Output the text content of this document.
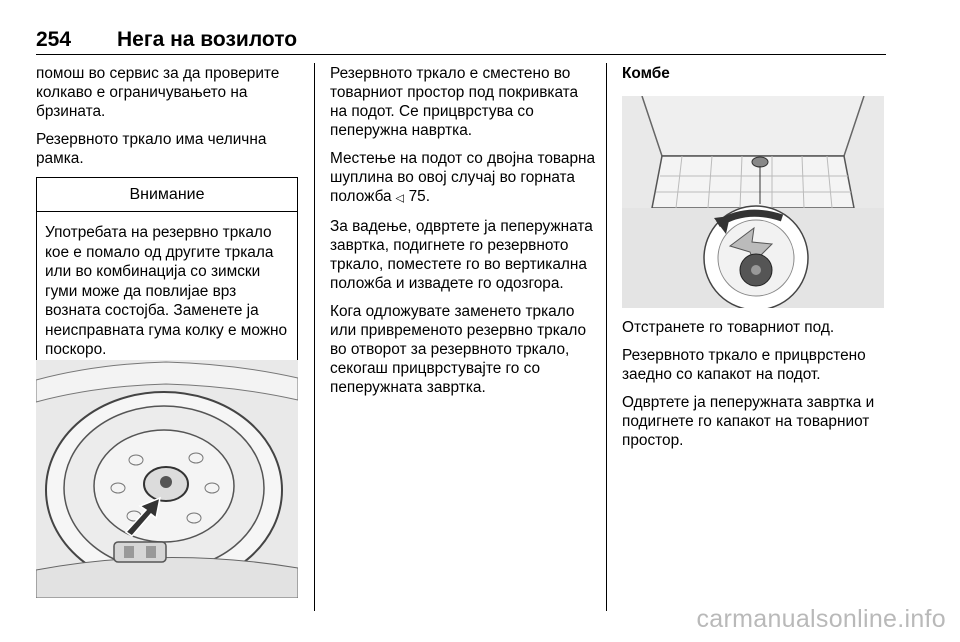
254 Нега на возилото

помош во сервис за да проверите колкаво е ограничувањето на брзината.

Резервното тркало има челична рамка.

Внимание
Употребата на резервно тркало кое е помало од другите тркала или во комбинација со зимски гуми може да повлијае врз возната состојба. Заменете ја неисправната гума колку е можно поскоро.

Резервното тркало е сместено во товарниот простор под покривката на подот. Се прицврстува со пеперужна навртка.

Местење на подот со двојна товарна шуплина во овој случај во горната положба △ 75.

За вадење, одвртете ја пеперужната завртка, подигнете го резервното тркало, поместете го во вертикална положба и извадете го одозгора.

Кога одложувате заменето тркало или привременото резервно тркало во отворот за резервното тркало, секогаш прицврстувајте го со пеперужната завртка.

Комбе

Отстранете го товарниот под.

Резервното тркало е прицврстено заедно со капакот на подот.

Одвртете ја пеперужната завртка и подигнете го капакот на товарниот простор.

carmanualsonline.info
